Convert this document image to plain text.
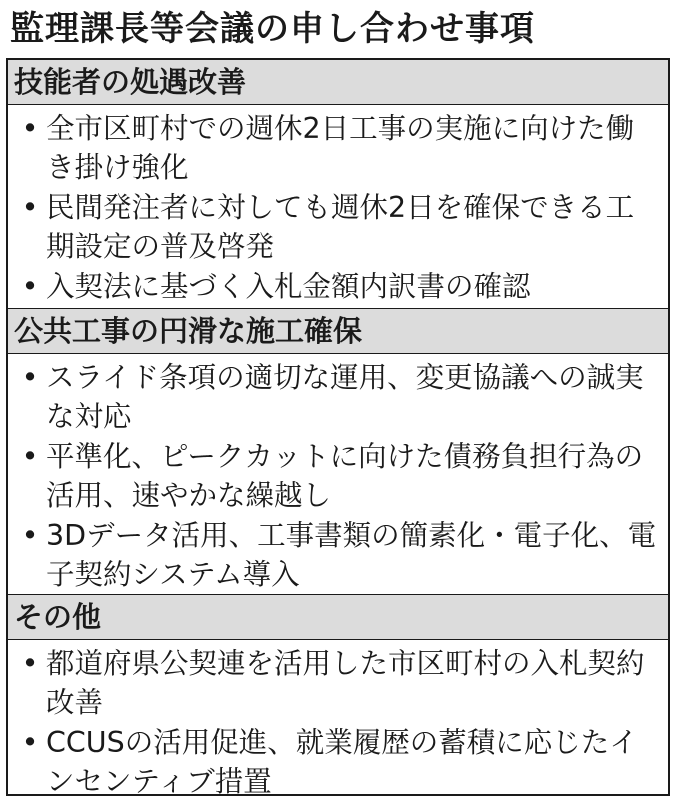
監理課長等会議の申し合わせ事項
技能者の処遇改善
• 全市区町村での週休2日工事の実施に向けた働き掛け強化
• 民間発注者に対しても週休2日を確保できる工期設定の普及啓発
• 入契法に基づく入札金額内訳書の確認
公共工事の円滑な施工確保
• スライド条項の適切な運用、変更協議への誠実な対応
• 平準化、ピークカットに向けた債務負担行為の活用、速やかな繰越し
• 3Dデータ活用、工事書類の簡素化・電子化、電子契約システム導入
その他
• 都道府県公契連を活用した市区町村の入札契約改善
• CCUSの活用促進、就業履歴の蓄積に応じたインセンティブ措置
